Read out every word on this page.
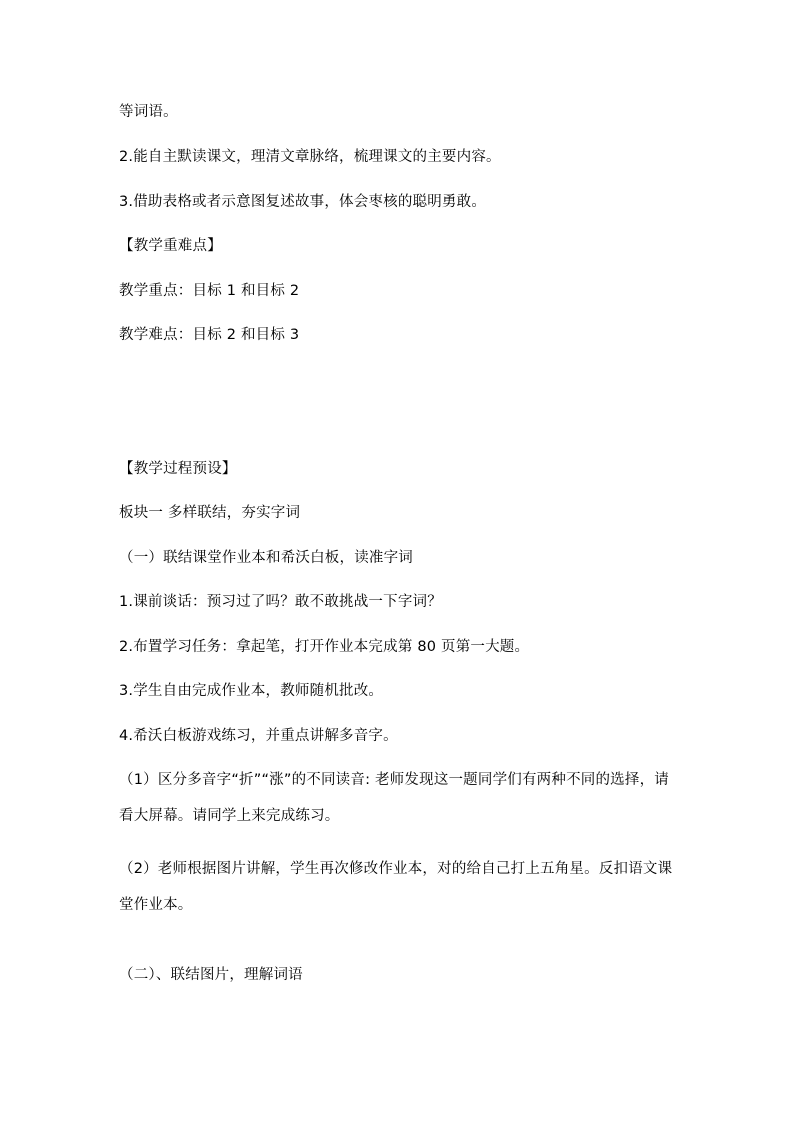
等词语。
2.能自主默读课文，理清文章脉络，梳理课文的主要内容。
3.借助表格或者示意图复述故事，体会枣核的聪明勇敢。
【教学重难点】
教学重点：目标 1 和目标 2
教学难点：目标 2 和目标 3
【教学过程预设】
板块一 多样联结，夯实字词
（一）联结课堂作业本和希沃白板，读准字词
1.课前谈话：预习过了吗？敢不敢挑战一下字词？
2.布置学习任务：拿起笔，打开作业本完成第 80 页第一大题。
3.学生自由完成作业本，教师随机批改。
4.希沃白板游戏练习，并重点讲解多音字。
（1）区分多音字“折”“涨”的不同读音: 老师发现这一题同学们有两种不同的选择，请看大屏幕。请同学上来完成练习。
（2）老师根据图片讲解，学生再次修改作业本，对的给自己打上五角星。反扣语文课堂作业本。
（二）、联结图片，理解词语
